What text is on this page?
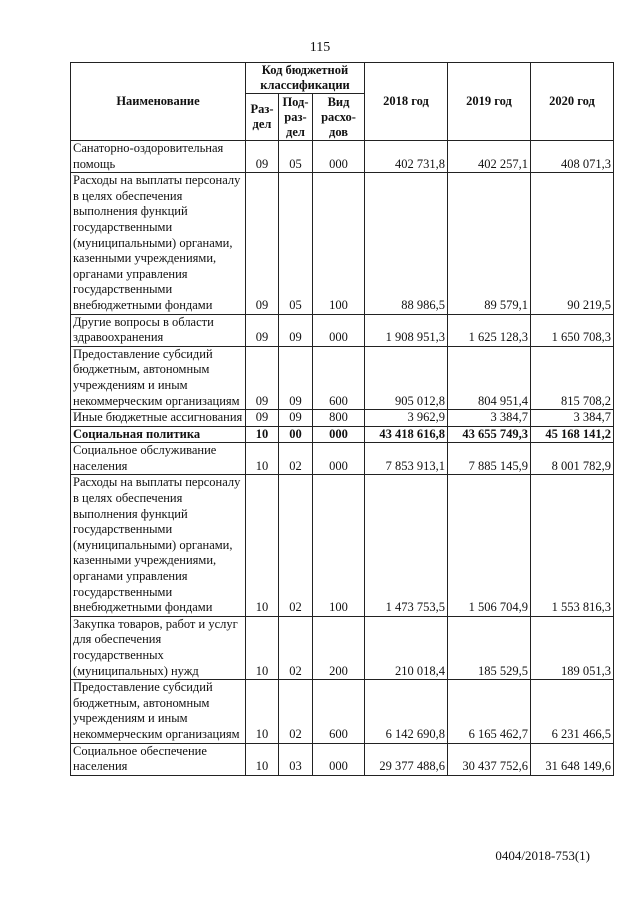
115
Наименование	Код бюджетной классификации			2018 год	2019 год	2020 год
	Раз-дел	Под-раз-дел	Вид расхо-дов			
Санаторно-оздоровительная помощь	09	05	000	402 731,8	402 257,1	408 071,3
Расходы на выплаты персоналу в целях обеспечения выполнения функций государственными (муниципальными) органами, казенными учреждениями, органами управления государственными внебюджетными фондами	09	05	100	88 986,5	89 579,1	90 219,5
Другие вопросы в области здравоохранения	09	09	000	1 908 951,3	1 625 128,3	1 650 708,3
Предоставление субсидий бюджетным, автономным учреждениям и иным некоммерческим организациям	09	09	600	905 012,8	804 951,4	815 708,2
Иные бюджетные ассигнования	09	09	800	3 962,9	3 384,7	3 384,7
Социальная политика	10	00	000	43 418 616,8	43 655 749,3	45 168 141,2
Социальное обслуживание населения	10	02	000	7 853 913,1	7 885 145,9	8 001 782,9
Расходы на выплаты персоналу в целях обеспечения выполнения функций государственными (муниципальными) органами, казенными учреждениями, органами управления государственными внебюджетными фондами	10	02	100	1 473 753,5	1 506 704,9	1 553 816,3
Закупка товаров, работ и услуг для обеспечения государственных (муниципальных) нужд	10	02	200	210 018,4	185 529,5	189 051,3
Предоставление субсидий бюджетным, автономным учреждениям и иным некоммерческим организациям	10	02	600	6 142 690,8	6 165 462,7	6 231 466,5
Социальное обеспечение населения	10	03	000	29 377 488,6	30 437 752,6	31 648 149,6
0404/2018-753(1)
